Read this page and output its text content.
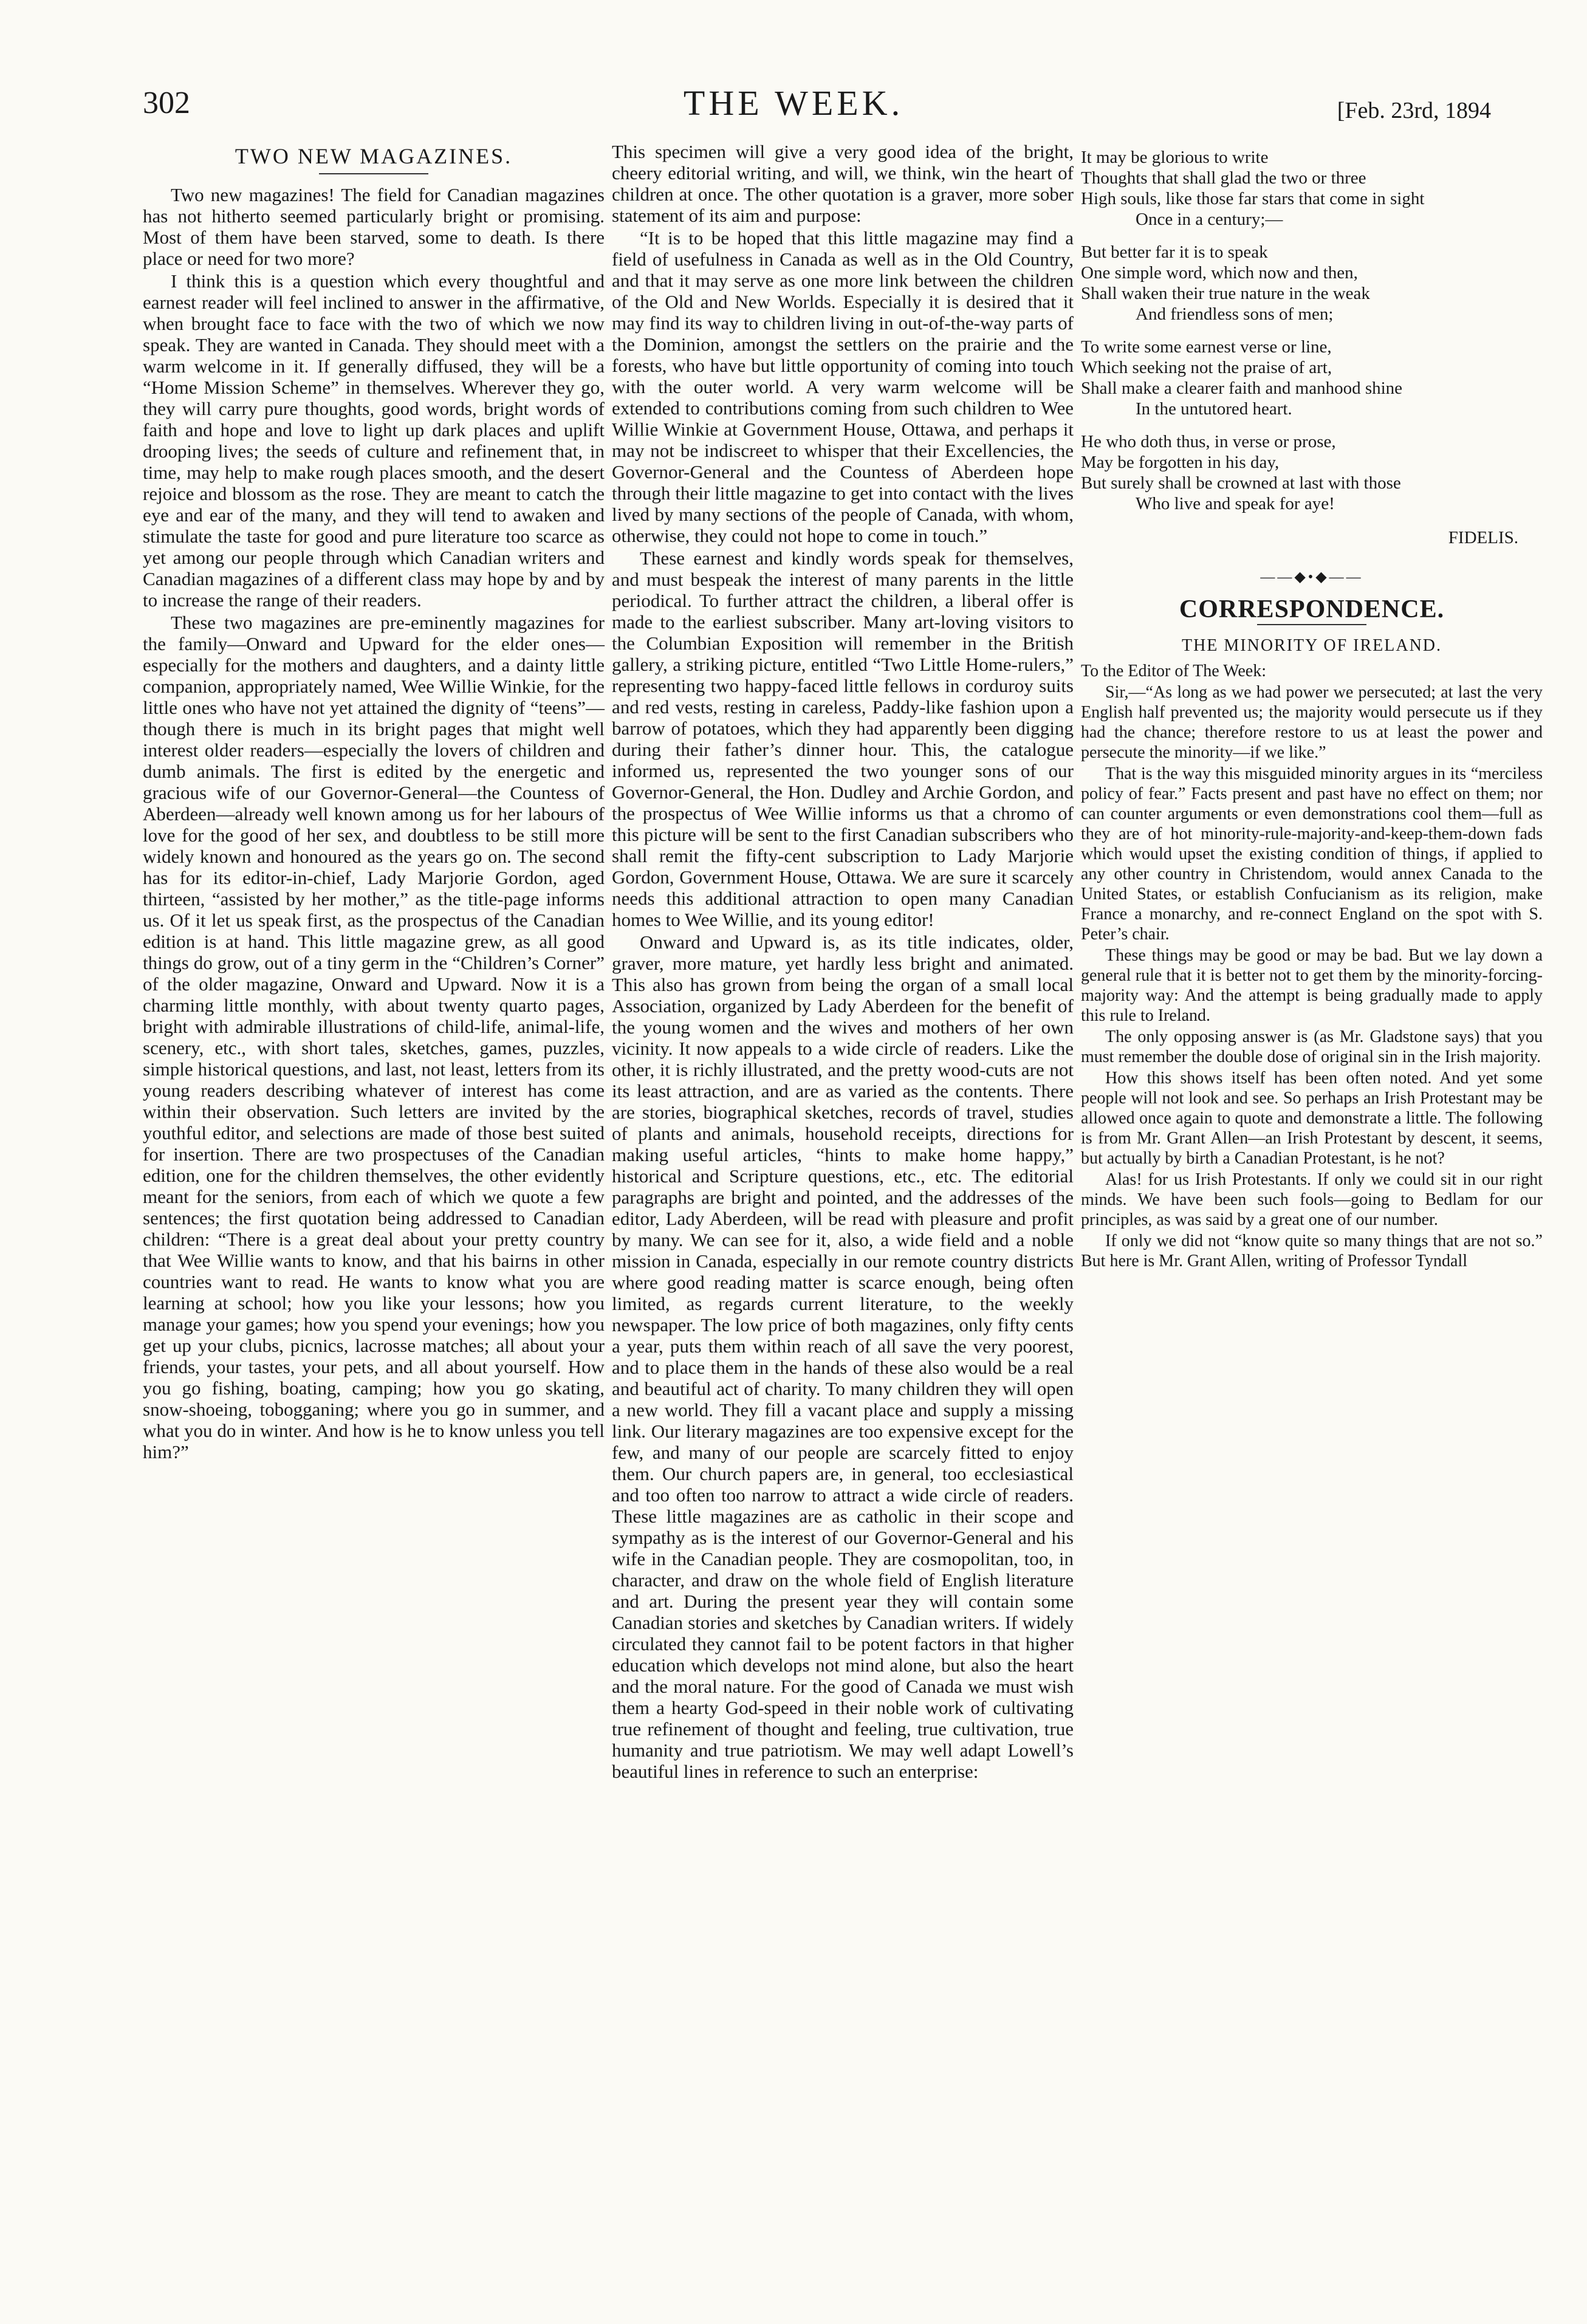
THE WEEK.
302	[Feb. 23rd, 1894
TWO NEW MAGAZINES.

Two new magazines! The field for Canadian magazines has not hitherto seemed particularly bright or promising. Most of them have been starved, some to death. Is there place or need for two more?

I think this is a question which every thoughtful and earnest reader will feel inclined to answer in the affirmative, when brought face to face with the two of which we now speak. They are wanted in Canada. They should meet with a warm welcome in it. If generally diffused, they will be a “Home Mission Scheme” in themselves. Wherever they go, they will carry pure thoughts, good words, bright words of faith and hope and love to light up dark places and uplift drooping lives; the seeds of culture and refinement that, in time, may help to make rough places smooth, and the desert rejoice and blossom as the rose. They are meant to catch the eye and ear of the many, and they will tend to awaken and stimulate the taste for good and pure literature too scarce as yet among our people through which Canadian writers and Canadian magazines of a different class may hope by and by to increase the range of their readers.

These two magazines are pre-eminently magazines for the family—Onward and Upward for the elder ones—especially for the mothers and daughters, and a dainty little companion, appropriately named, Wee Willie Winkie, for the little ones who have not yet attained the dignity of “teens”—though there is much in its bright pages that might well interest older readers—especially the lovers of children and dumb animals. The first is edited by the energetic and gracious wife of our Governor-General—the Countess of Aberdeen—already well known among us for her labours of love for the good of her sex, and doubtless to be still more widely known and honoured as the years go on. The second has for its editor-in-chief, Lady Marjorie Gordon, aged thirteen, “assisted by her mother,” as the title-page informs us. Of it let us speak first, as the prospectus of the Canadian edition is at hand. This little magazine grew, as all good things do grow, out of a tiny germ in the “Children’s Corner” of the older magazine, Onward and Upward. Now it is a charming little monthly, with about twenty quarto pages, bright with admirable illustrations of child-life, animal-life, scenery, etc., with short tales, sketches, games, puzzles, simple historical questions, and last, not least, letters from its young readers describing whatever of interest has come within their observation. Such letters are invited by the youthful editor, and selections are made of those best suited for insertion. There are two prospectuses of the Canadian edition, one for the children themselves, the other evidently meant for the seniors, from each of which we quote a few sentences; the first quotation being addressed to Canadian children: “There is a great deal about your pretty country that Wee Willie wants to know, and that his bairns in other countries want to read. He wants to know what you are learning at school; how you like your lessons; how you manage your games; how you spend your evenings; how you get up your clubs, picnics, lacrosse matches; all about your friends, your tastes, your pets, and all about yourself. How you go fishing, boating, camping; how you go skating, snow-shoeing, tobogganing; where you go in summer, and what you do in winter. And how is he to know unless you tell him?”

This specimen will give a very good idea of the bright, cheery editorial writing, and will, we think, win the heart of children at once. The other quotation is a graver, more sober statement of its aim and purpose:

“It is to be hoped that this little magazine may find a field of usefulness in Canada as well as in the Old Country, and that it may serve as one more link between the children of the Old and New Worlds. Especially it is desired that it may find its way to children living in out-of-the-way parts of the Dominion, amongst the settlers on the prairie and the forests, who have but little opportunity of coming into touch with the outer world. A very warm welcome will be extended to contributions coming from such children to Wee Willie Winkie at Government House, Ottawa, and perhaps it may not be indiscreet to whisper that their Excellencies, the Governor-General and the Countess of Aberdeen hope through their little magazine to get into contact with the lives lived by many sections of the people of Canada, with whom, otherwise, they could not hope to come in touch.”

These earnest and kindly words speak for themselves, and must bespeak the interest of many parents in the little periodical. To further attract the children, a liberal offer is made to the earliest subscriber. Many art-loving visitors to the Columbian Exposition will remember in the British gallery, a striking picture, entitled “Two Little Home-rulers,” representing two happy-faced little fellows in corduroy suits and red vests, resting in careless, Paddy-like fashion upon a barrow of potatoes, which they had apparently been digging during their father’s dinner hour. This, the catalogue informed us, represented the two younger sons of our Governor-General, the Hon. Dudley and Archie Gordon, and the prospectus of Wee Willie informs us that a chromo of this picture will be sent to the first Canadian subscribers who shall remit the fifty-cent subscription to Lady Marjorie Gordon, Government House, Ottawa. We are sure it scarcely needs this additional attraction to open many Canadian homes to Wee Willie, and its young editor!

Onward and Upward is, as its title indicates, older, graver, more mature, yet hardly less bright and animated. This also has grown from being the organ of a small local Association, organized by Lady Aberdeen for the benefit of the young women and the wives and mothers of her own vicinity. It now appeals to a wide circle of readers. Like the other, it is richly illustrated, and the pretty wood-cuts are not its least attraction, and are as varied as the contents. There are stories, biographical sketches, records of travel, studies of plants and animals, household receipts, directions for making useful articles, “hints to make home happy,” historical and Scripture questions, etc., etc. The editorial paragraphs are bright and pointed, and the addresses of the editor, Lady Aberdeen, will be read with pleasure and profit by many. We can see for it, also, a wide field and a noble mission in Canada, especially in our remote country districts where good reading matter is scarce enough, being often limited, as regards current literature, to the weekly newspaper. The low price of both magazines, only fifty cents a year, puts them within reach of all save the very poorest, and to place them in the hands of these also would be a real and beautiful act of charity. To many children they will open a new world. They fill a vacant place and supply a missing link. Our literary magazines are too expensive except for the few, and many of our people are scarcely fitted to enjoy them. Our church papers are, in general, too ecclesiastical and too often too narrow to attract a wide circle of readers. These little magazines are as catholic in their scope and sympathy as is the interest of our Governor-General and his wife in the Canadian people. They are cosmopolitan, too, in character, and draw on the whole field of English literature and art. During the present year they will contain some Canadian stories and sketches by Canadian writers. If widely circulated they cannot fail to be potent factors in that higher education which develops not mind alone, but also the heart and the moral nature. For the good of Canada we must wish them a hearty God-speed in their noble work of cultivating true refinement of thought and feeling, true cultivation, true humanity and true patriotism. We may well adapt Lowell’s beautiful lines in reference to such an enterprise:

It may be glorious to write
Thoughts that shall glad the two or three
High souls, like those far stars that come in sight
Once in a century;—
But better far it is to speak
One simple word, which now and then,
Shall waken their true nature in the weak
And friendless sons of men;
To write some earnest verse or line,
Which seeking not the praise of art,
Shall make a clearer faith and manhood shine
In the untutored heart.
He who doth thus, in verse or prose,
May be forgotten in his day,
But surely shall be crowned at last with those
Who live and speak for aye!
FIDELIS.
——◆•◆——
CORRESPONDENCE.
THE MINORITY OF IRELAND.

To the Editor of The Week:

Sir,—“As long as we had power we persecuted; at last the very English half prevented us; the majority would persecute us if they had the chance; therefore restore to us at least the power and persecute the minority—if we like.”

That is the way this misguided minority argues in its “merciless policy of fear.” Facts present and past have no effect on them; nor can counter arguments or even demonstrations cool them—full as they are of hot minority-rule-majority-and-keep-them-down fads which would upset the existing condition of things, if applied to any other country in Christendom, would annex Canada to the United States, or establish Confucianism as its religion, make France a monarchy, and re-connect England on the spot with S. Peter’s chair.

These things may be good or may be bad. But we lay down a general rule that it is better not to get them by the minority-forcing-majority way: And the attempt is being gradually made to apply this rule to Ireland.

The only opposing answer is (as Mr. Gladstone says) that you must remember the double dose of original sin in the Irish majority.

How this shows itself has been often noted. And yet some people will not look and see. So perhaps an Irish Protestant may be allowed once again to quote and demonstrate a little. The following is from Mr. Grant Allen—an Irish Protestant by descent, it seems, but actually by birth a Canadian Protestant, is he not?

Alas! for us Irish Protestants. If only we could sit in our right minds. We have been such fools—going to Bedlam for our principles, as was said by a great one of our number.

If only we did not “know quite so many things that are not so.” But here is Mr. Grant Allen, writing of Professor Tyndall
